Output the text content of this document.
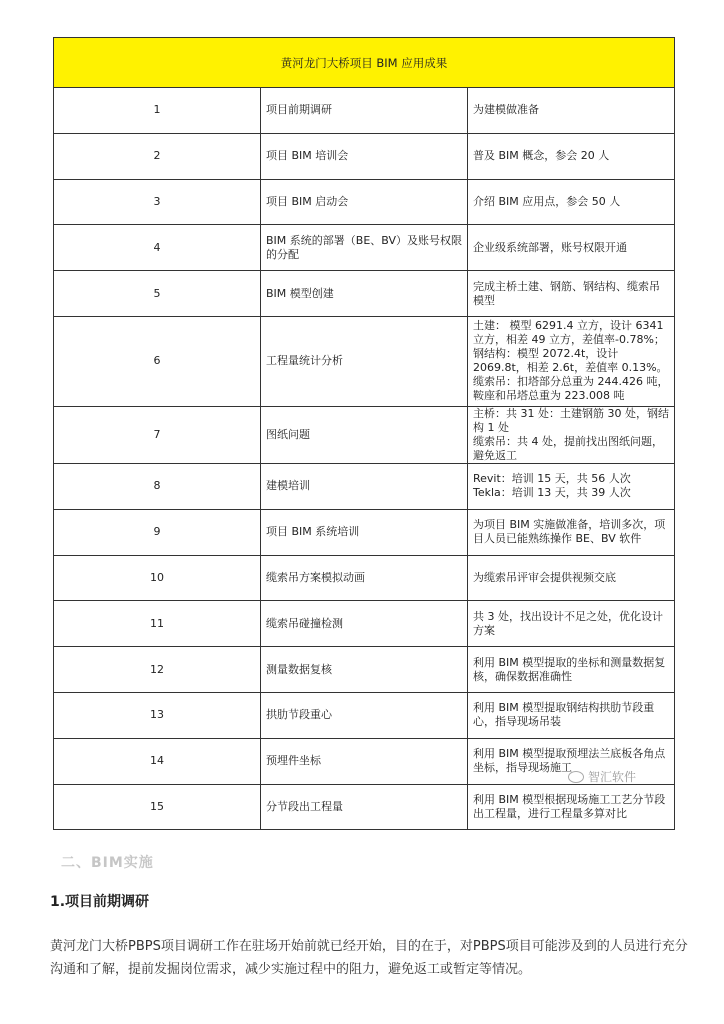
黄河龙门大桥项目 BIM 应用成果		
1	项目前期调研	为建模做准备
2	项目 BIM 培训会	普及 BIM 概念，参会 20 人
3	项目 BIM 启动会	介绍 BIM 应用点，参会 50 人
4	BIM 系统的部署（BE、BV）及账号权限的分配	企业级系统部署，账号权限开通
5	BIM 模型创建	完成主桥土建、钢筋、钢结构、缆索吊模型
6	工程量统计分析	土建： 模型 6291.4 立方，设计 6341 立方，相差 49 立方，差值率-0.78%；
钢结构：模型 2072.4t，设计 2069.8t，相差 2.6t，差值率 0.13%。
缆索吊：扣塔部分总重为 244.426 吨，鞍座和吊塔总重为 223.008 吨
7	图纸问题	主桥：共 31 处：土建钢筋 30 处，钢结构 1 处
缆索吊：共 4 处，提前找出图纸问题，避免返工
8	建模培训	Revit：培训 15 天，共 56 人次
Tekla：培训 13 天，共 39 人次
9	项目 BIM 系统培训	为项目 BIM 实施做准备，培训多次，项目人员已能熟练操作 BE、BV 软件
10	缆索吊方案模拟动画	为缆索吊评审会提供视频交底
11	缆索吊碰撞检测	共 3 处，找出设计不足之处，优化设计方案
12	测量数据复核	利用 BIM 模型提取的坐标和测量数据复核，确保数据准确性
13	拱肋节段重心	利用 BIM 模型提取钢结构拱肋节段重心，指导现场吊装
14	预埋件坐标	利用 BIM 模型提取预埋法兰底板各角点坐标，指导现场施工
15	分节段出工程量	利用 BIM 模型根据现场施工工艺分节段出工程量，进行工程量多算对比
智汇软件
二、BIM实施
1.项目前期调研

黄河龙门大桥PBPS项目调研工作在驻场开始前就已经开始，目的在于，对PBPS项目可能涉及到的人员进行充分沟通和了解，提前发掘岗位需求，减少实施过程中的阻力，避免返工或暂定等情况。
